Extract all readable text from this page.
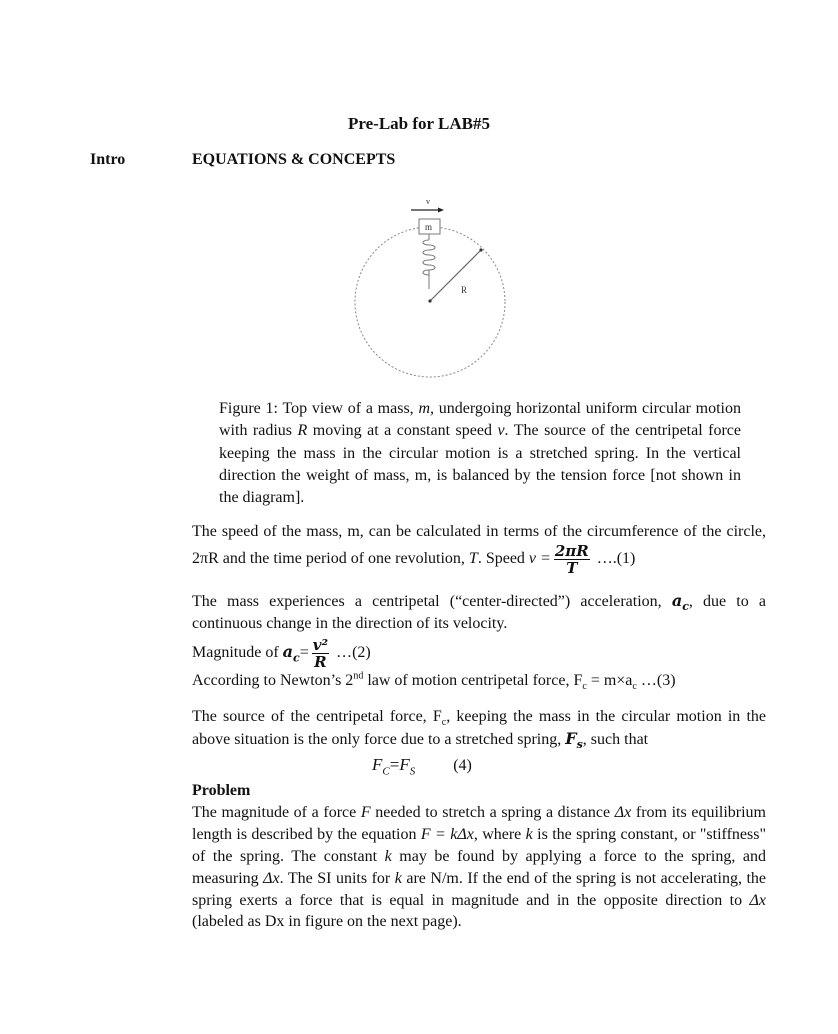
Pre-Lab for LAB#5
Intro	EQUATIONS & CONCEPTS
v
m
R

Figure 1: Top view of a mass, m, undergoing horizontal uniform circular motion with radius R moving at a constant speed v. The source of the centripetal force keeping the mass in the circular motion is a stretched spring. In the vertical direction the weight of mass, m, is balanced by the tension force [not shown in the diagram].

The speed of the mass, m, can be calculated in terms of the circumference of the circle, 2πR and the time period of one revolution, T. Speed $v = \frac{2\pi R}{T}$ ….(1)

The mass experiences a centripetal (“center-directed”) acceleration, $a_c$, due to a continuous change in the direction of its velocity.

Magnitude of $a_c= \frac{\text{v²}}{R}$ …(2)

According to Newton’s 2nd law of motion centripetal force, $F_c = m\times a_c$ …(3)

The source of the centripetal force, $F_c$, keeping the mass in the circular motion in the above situation is the only force due to a stretched spring, $F_s$, such that

$F_C=F_S$ (4)

Problem

The magnitude of a force F needed to stretch a spring a distance Δx from its equilibrium length is described by the equation F = kΔx, where k is the spring constant, or "stiffness" of the spring. The constant k may be found by applying a force to the spring, and measuring Δx. The SI units for k are N/m. If the end of the spring is not accelerating, the spring exerts a force that is equal in magnitude and in the opposite direction to Δx (labeled as Dx in figure on the next page).
